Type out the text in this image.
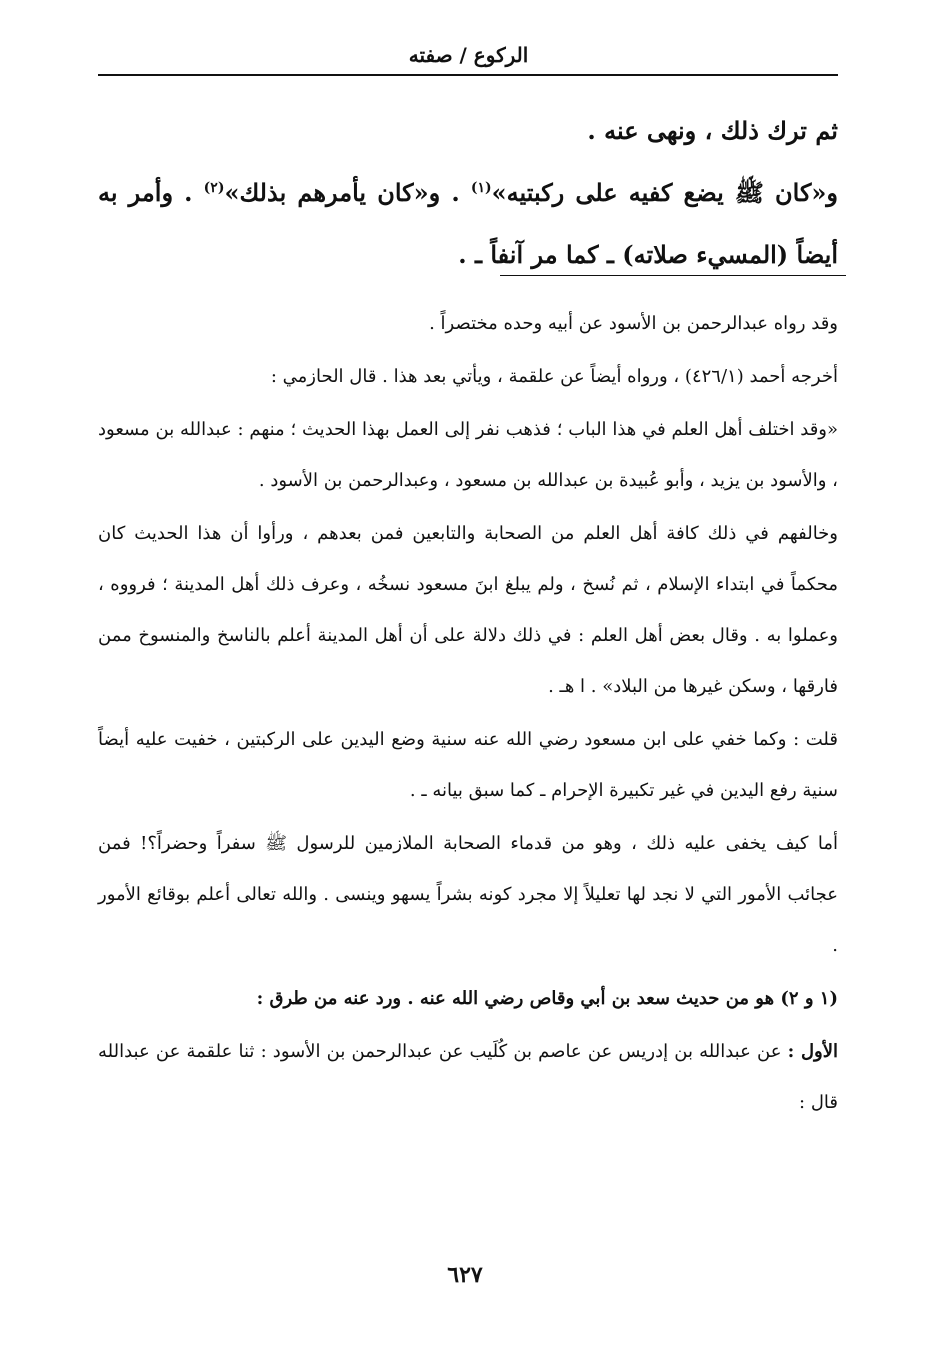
الركوع / صفته

ثم ترك ذلك ، ونهى عنه .

و«كان ﷺ يضع كفيه على ركبتيه»$^{(١)}$ . و«كان يأمرهم بذلك»$^{(٢)}$ . وأمر به أيضاً (المسيء صلاته) ـ كما مر آنفاً ـ .

وقد رواه عبدالرحمن بن الأسود عن أبيه وحده مختصراً .

أخرجه أحمد (٤٢٦/١) ، ورواه أيضاً عن علقمة ، ويأتي بعد هذا . قال الحازمي :

«وقد اختلف أهل العلم في هذا الباب ؛ فذهب نفر إلى العمل بهذا الحديث ؛ منهم : عبدالله بن مسعود ، والأسود بن يزيد ، وأبو عُبيدة بن عبدالله بن مسعود ، وعبدالرحمن بن الأسود .

وخالفهم في ذلك كافة أهل العلم من الصحابة والتابعين فمن بعدهم ، ورأوا أن هذا الحديث كان محكماً في ابتداء الإسلام ، ثم نُسخ ، ولم يبلغ ابنَ مسعود نسخُه ، وعرف ذلك أهل المدينة ؛ فرووه ، وعملوا به . وقال بعض أهل العلم : في ذلك دلالة على أن أهل المدينة أعلم بالناسخ والمنسوخ ممن فارقها ، وسكن غيرها من البلاد» . ا هـ .

قلت : وكما خفي على ابن مسعود رضي الله عنه سنية وضع اليدين على الركبتين ، خفيت عليه أيضاً سنية رفع اليدين في غير تكبيرة الإحرام ـ كما سبق بيانه ـ .

أما كيف يخفى عليه ذلك ، وهو من قدماء الصحابة الملازمين للرسول ﷺ سفراً وحضراً؟! فمن عجائب الأمور التي لا نجد لها تعليلاً إلا مجرد كونه بشراً يسهو وينسى . والله تعالى أعلم بوقائع الأمور .

(١ و ٢) هو من حديث سعد بن أبي وقاص رضي الله عنه . ورد عنه من طرق :

الأول : عن عبدالله بن إدريس عن عاصم بن كُلَيب عن عبدالرحمن بن الأسود : ثنا علقمة عن عبدالله قال :

٦٢٧
